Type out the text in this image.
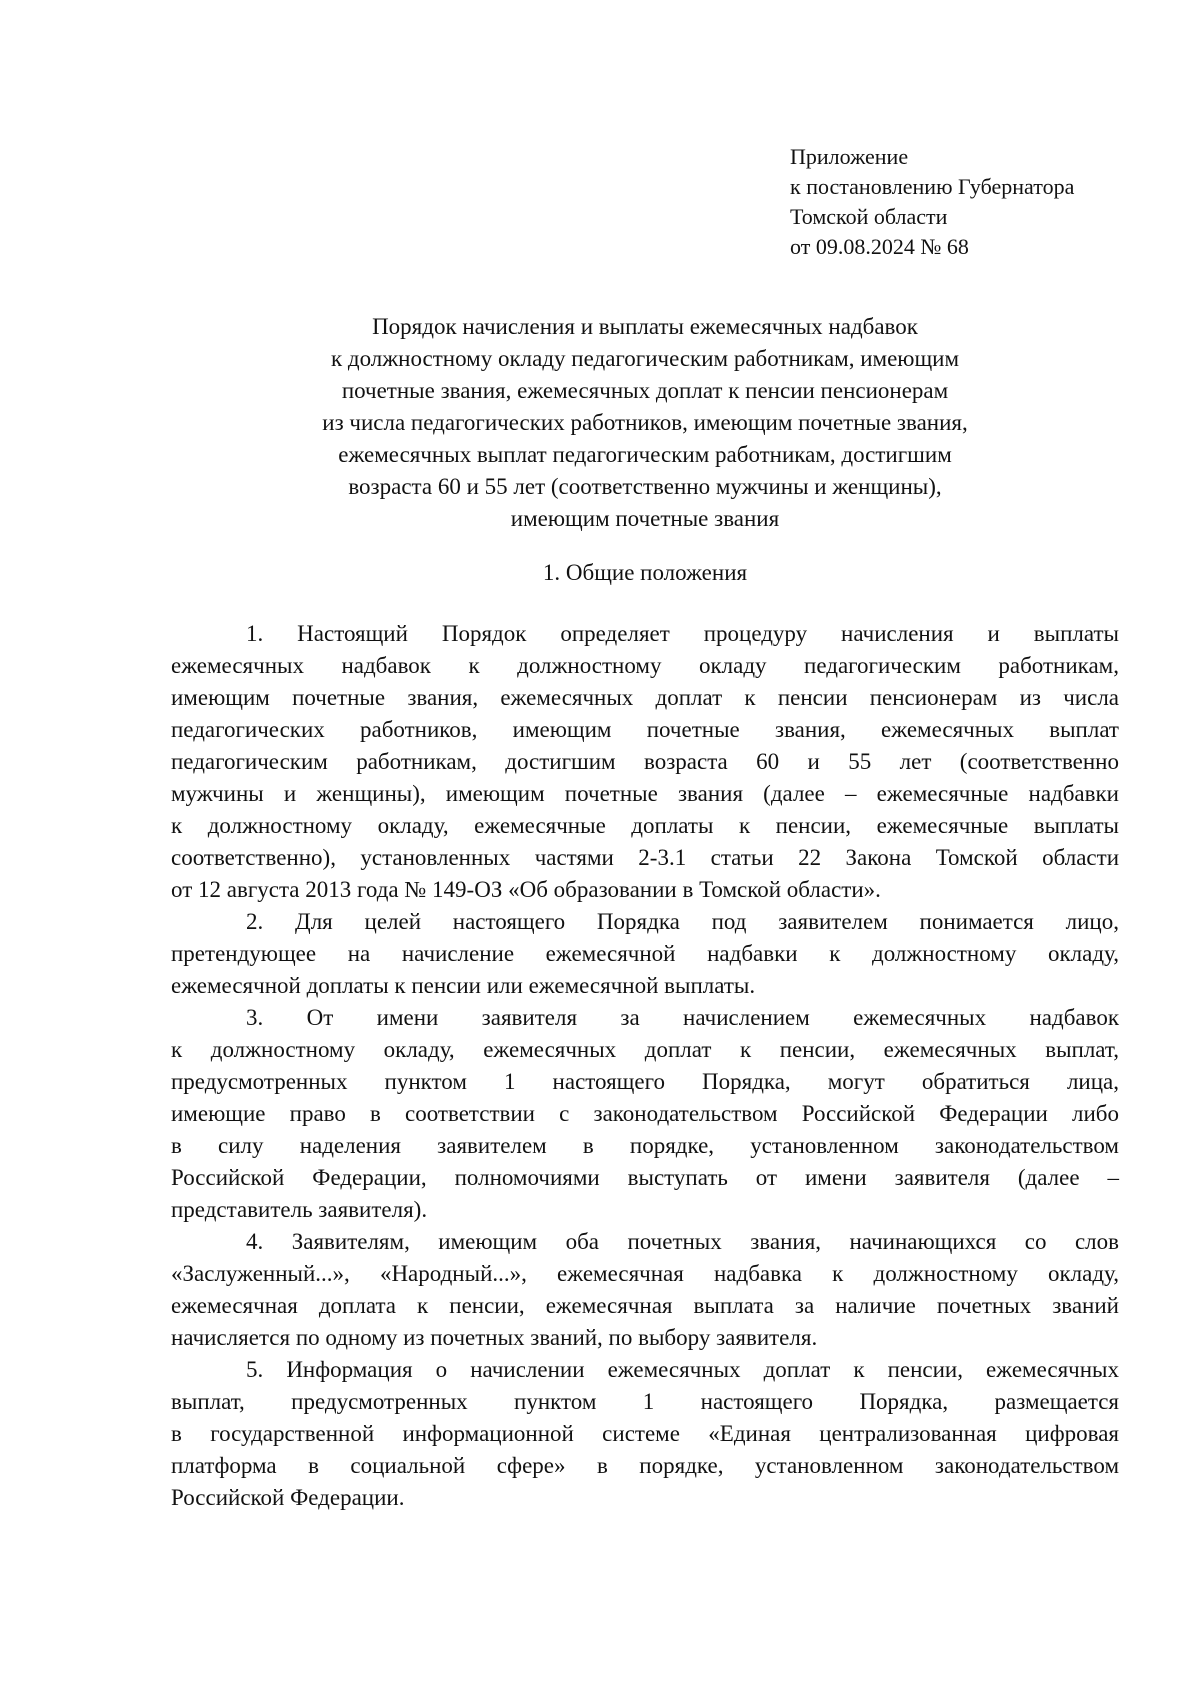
Приложение
к постановлению Губернатора
Томской области
от 09.08.2024 № 68
Порядок начисления и выплаты ежемесячных надбавок
к должностному окладу педагогическим работникам, имеющим
почетные звания, ежемесячных доплат к пенсии пенсионерам
из числа педагогических работников, имеющим почетные звания,
ежемесячных выплат педагогическим работникам, достигшим
возраста 60 и 55 лет (соответственно мужчины и женщины),
имеющим почетные звания
1. Общие положения
1. Настоящий Порядок определяет процедуру начисления и выплаты
ежемесячных надбавок к должностному окладу педагогическим работникам,
имеющим почетные звания, ежемесячных доплат к пенсии пенсионерам из числа
педагогических работников, имеющим почетные звания, ежемесячных выплат
педагогическим работникам, достигшим возраста 60 и 55 лет (соответственно
мужчины и женщины), имеющим почетные звания (далее – ежемесячные надбавки
к должностному окладу, ежемесячные доплаты к пенсии, ежемесячные выплаты
соответственно), установленных частями 2-3.1 статьи 22 Закона Томской области
от 12 августа 2013 года № 149-ОЗ «Об образовании в Томской области».
2. Для целей настоящего Порядка под заявителем понимается лицо,
претендующее на начисление ежемесячной надбавки к должностному окладу,
ежемесячной доплаты к пенсии или ежемесячной выплаты.
3. От имени заявителя за начислением ежемесячных надбавок
к должностному окладу, ежемесячных доплат к пенсии, ежемесячных выплат,
предусмотренных пунктом 1 настоящего Порядка, могут обратиться лица,
имеющие право в соответствии с законодательством Российской Федерации либо
в силу наделения заявителем в порядке, установленном законодательством
Российской Федерации, полномочиями выступать от имени заявителя (далее –
представитель заявителя).
4. Заявителям, имеющим оба почетных звания, начинающихся со слов
«Заслуженный...», «Народный...», ежемесячная надбавка к должностному окладу,
ежемесячная доплата к пенсии, ежемесячная выплата за наличие почетных званий
начисляется по одному из почетных званий, по выбору заявителя.
5. Информация о начислении ежемесячных доплат к пенсии, ежемесячных
выплат, предусмотренных пунктом 1 настоящего Порядка, размещается
в государственной информационной системе «Единая централизованная цифровая
платформа в социальной сфере» в порядке, установленном законодательством
Российской Федерации.
